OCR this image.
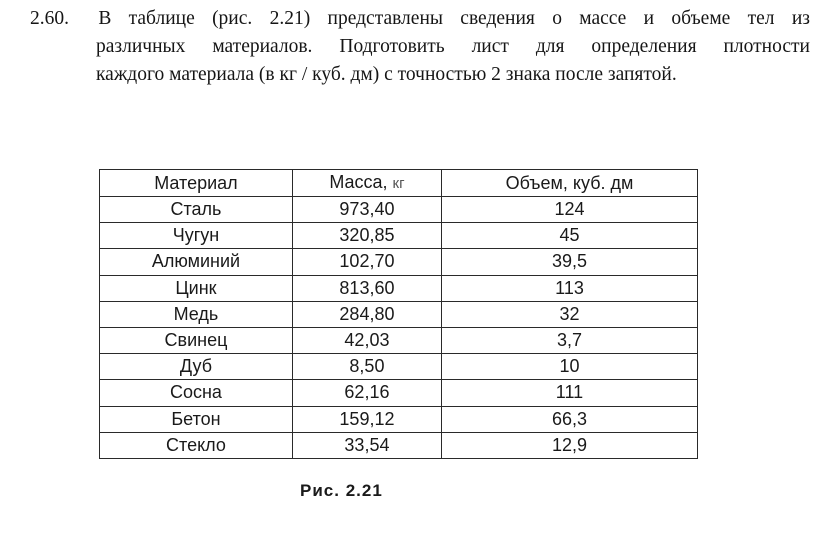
2.60. В таблице (рис. 2.21) представлены сведения о массе и объеме тел из
различных материалов. Подготовить лист для определения плотности
каждого материала (в кг / куб. дм) с точностью 2 знака после запятой.
Материал	Масса, кг	Объем, куб. дм
Сталь	973,40	124
Чугун	320,85	45
Алюминий	102,70	39,5
Цинк	813,60	113
Медь	284,80	32
Свинец	42,03	3,7
Дуб	8,50	10
Сосна	62,16	111
Бетон	159,12	66,3
Стекло	33,54	12,9
Рис. 2.21
